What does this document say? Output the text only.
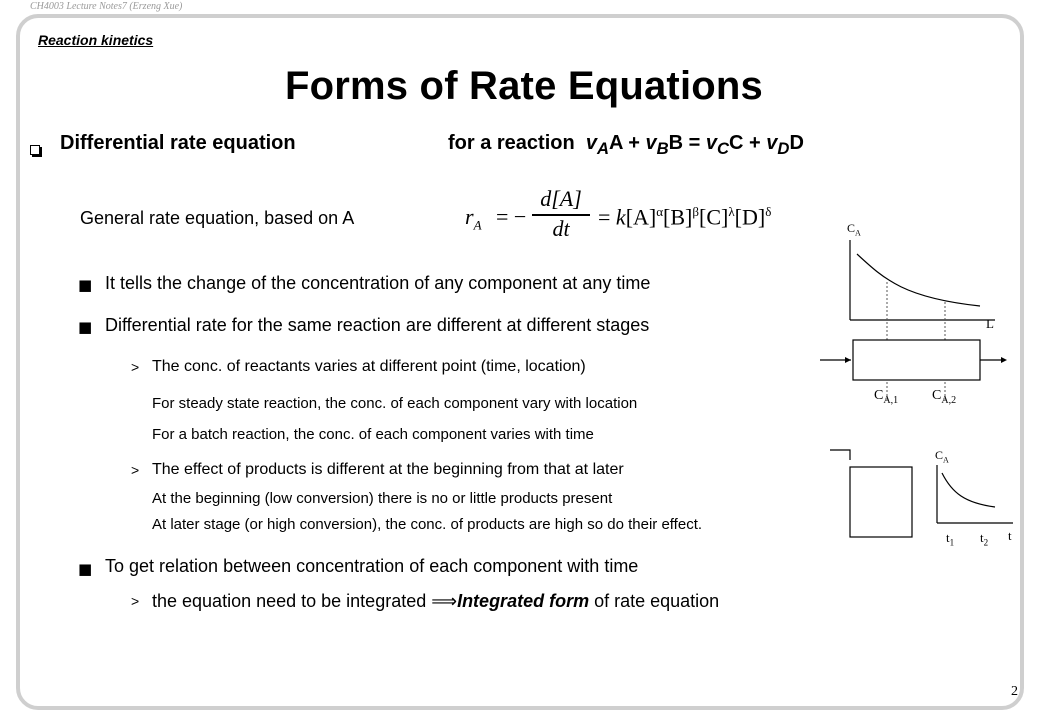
CH4003 Lecture Notes7 (Erzeng Xue)
Reaction kinetics
Forms of Rate Equations
Differential rate equation	for a reaction $v_AA + v_BB = v_CC + v_DD$
General rate equation, based on A	$r_A$ = −
d[A]
dt	= $k[A]^\alpha[B]^\beta[C]^\lambda[D]^\delta$
■ It tells the change of the concentration of any component at any time
■ Differential rate for the same reaction are different at different stages
> The conc. of reactants varies at different point (time, location)
For steady state reaction, the conc. of each component vary with location
For a batch reaction, the conc. of each component varies with time
> The effect of products is different at the beginning from that at later
At the beginning (low conversion) there is no or little products present
At later stage (or high conversion), the conc. of products are high so do their effect.
■ To get relation between concentration of each component with time
> the equation need to be integrated ⟹Integrated form of rate equation
$C_A$
L
$C_{A,1}$ $C_{A,2}$
$C_A$
$t_1$ $t_2$ t
2
